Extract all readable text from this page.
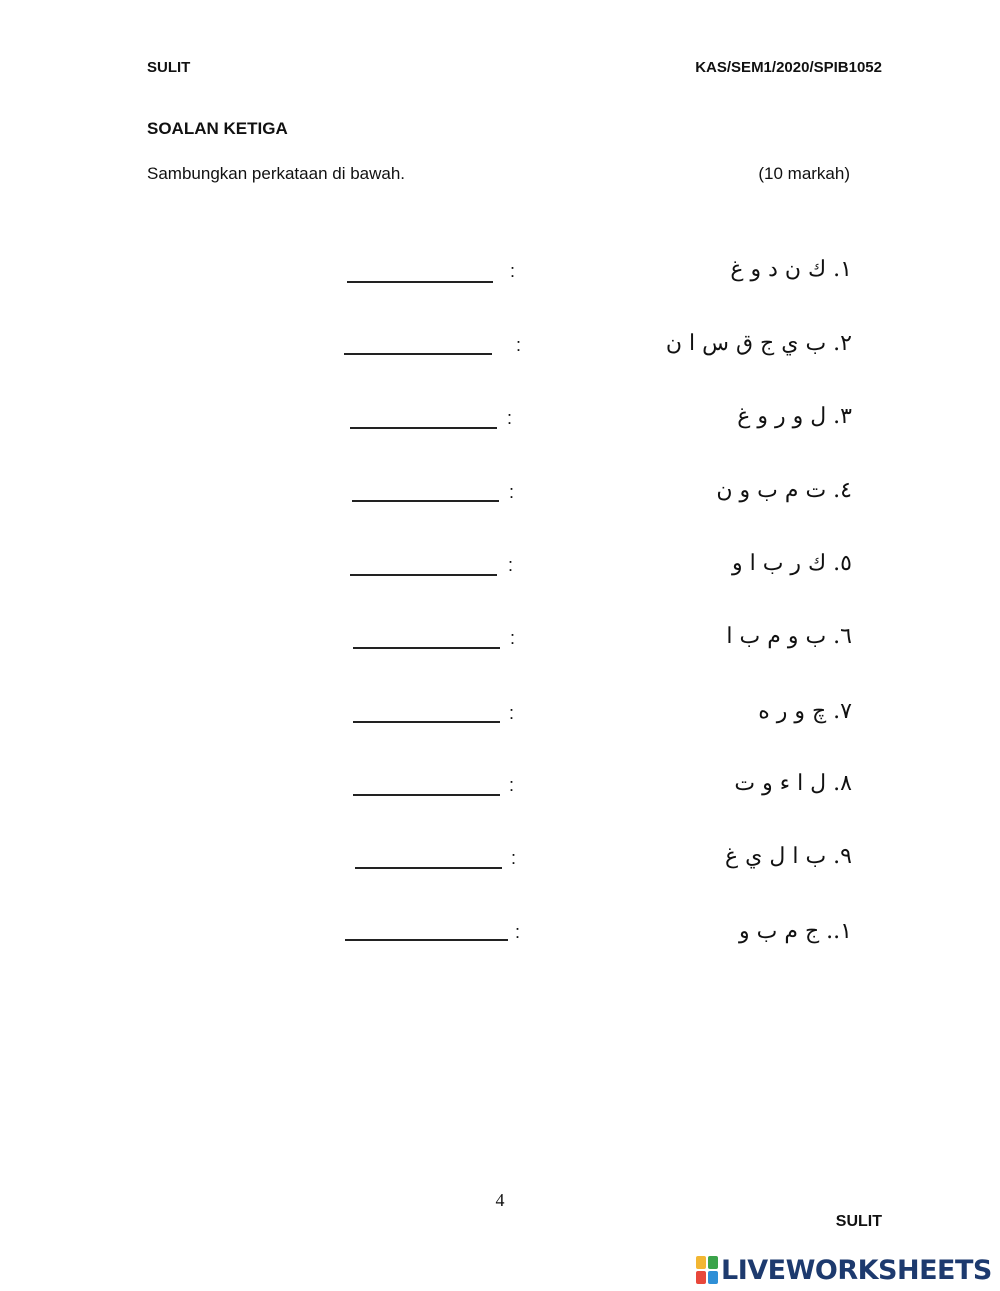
SULIT	KAS/SEM1/2020/SPIB1052
SOALAN KETIGA
Sambungkan perkataan di bawah.	(10 markah)
:	١. ك ن د و غ
:	٢. ب ي ج ق س ا ن
:	٣. ل و ر و غ
:	٤. ت م ب و ن
:	٥. ك ر ب ا و
:	٦. ب و م ب ا
:	٧. چ و ر ه
:	٨. ل ا ء و ت
:	٩. ب ا ل ي غ
:	١.. ج م ب و
4
SULIT
LIVEWORKSHEETS
